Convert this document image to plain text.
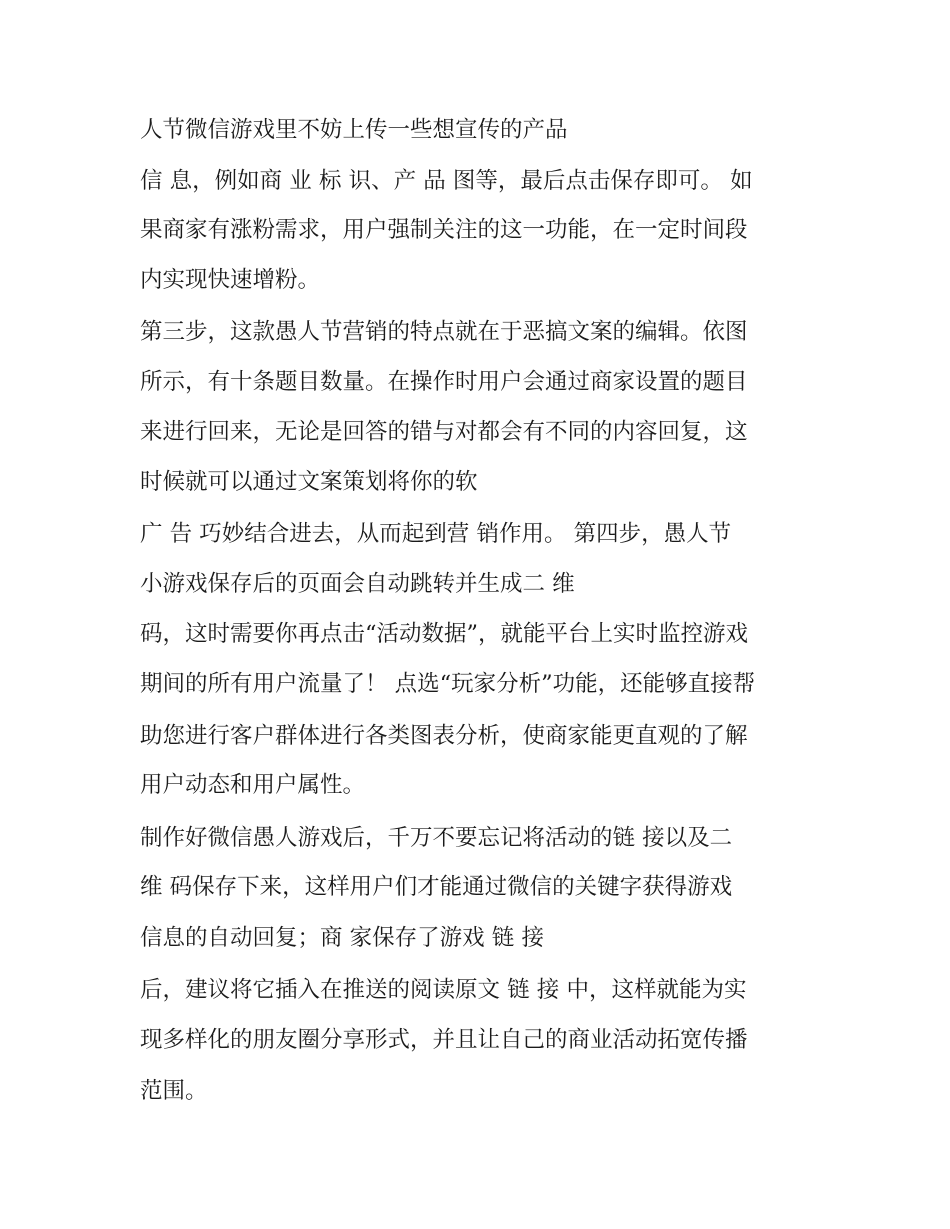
人节微信游戏里不妨上传一些想宣传的产品
信 息，例如商 业 标 识、产 品 图等，最后点击保存即可。 如
果商家有涨粉需求，用户强制关注的这一功能，在一定时间段
内实现快速增粉。
第三步，这款愚人节营销的特点就在于恶搞文案的编辑。依图
所示，有十条题目数量。在操作时用户会通过商家设置的题目
来进行回来，无论是回答的错与对都会有不同的内容回复，这
时候就可以通过文案策划将你的软
广 告 巧妙结合进去，从而起到营 销作用。 第四步，愚人节
小游戏保存后的页面会自动跳转并生成二 维
码，这时需要你再点击“活动数据”，就能平台上实时监控游戏
期间的所有用户流量了！ 点选“玩家分析”功能，还能够直接帮
助您进行客户群体进行各类图表分析，使商家能更直观的了解
用户动态和用户属性。
制作好微信愚人游戏后，千万不要忘记将活动的链 接以及二
维 码保存下来，这样用户们才能通过微信的关键字获得游戏
信息的自动回复；商 家保存了游戏 链 接
后，建议将它插入在推送的阅读原文 链 接 中，这样就能为实
现多样化的朋友圈分享形式，并且让自己的商业活动拓宽传播
范围。
